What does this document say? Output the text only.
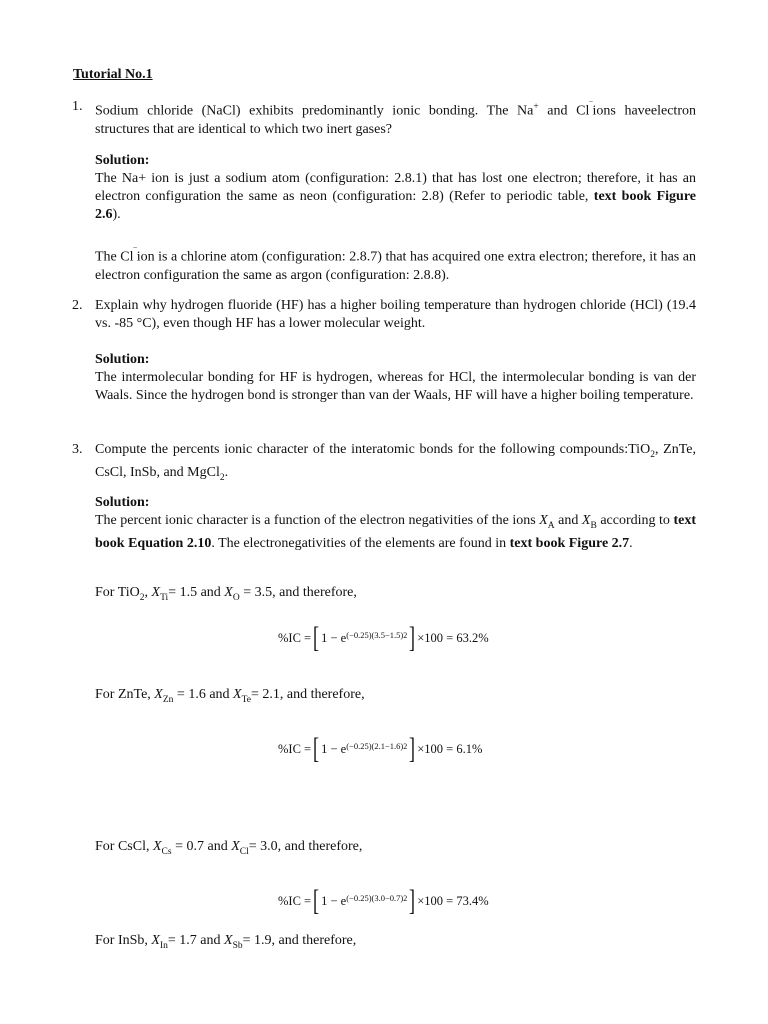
Tutorial No.1
1. Sodium chloride (NaCl) exhibits predominantly ionic bonding. The Na+ and Cl‾ions haveelectron structures that are identical to which two inert gases?
Solution:
The Na+ ion is just a sodium atom (configuration: 2.8.1) that has lost one electron; therefore, it has an electron configuration the same as neon (configuration: 2.8) (Refer to periodic table, text book Figure 2.6).
The Cl‾ion is a chlorine atom (configuration: 2.8.7) that has acquired one extra electron; therefore, it has an electron configuration the same as argon (configuration: 2.8.8).
2. Explain why hydrogen fluoride (HF) has a higher boiling temperature than hydrogen chloride (HCl) (19.4 vs. -85 °C), even though HF has a lower molecular weight.
Solution:
The intermolecular bonding for HF is hydrogen, whereas for HCl, the intermolecular bonding is van der Waals. Since the hydrogen bond is stronger than van der Waals, HF will have a higher boiling temperature.
3. Compute the percents ionic character of the interatomic bonds for the following compounds:TiO$_2$, ZnTe, CsCl, InSb, and MgCl$_2$.
Solution:
The percent ionic character is a function of the electron negativities of the ions $X_A$ and $X_B$ according to text book Equation 2.10. The electronegativities of the elements are found in text book Figure 2.7.
For TiO$_2$, $X_{Ti}= 1.5$ and $X_O = 3.5$, and therefore,
%IC = [ 1 − e $^{(-0.25)(3.5-1.5)2}$ ] ×100 = 63.2%
For ZnTe, $X_{Zn} = 1.6$ and $X_{Te}= 2.1$, and therefore,
%IC = [ 1 − e $^{(-0.25)(2.1-1.6)2}$ ] ×100 = 6.1%
For CsCl, $X_{Cs} = 0.7$ and $X_{Cl}= 3.0$, and therefore,
%IC = [ 1 − e $^{(-0.25)(3.0-0.7)2}$ ] ×100 = 73.4%
For InSb, $X_{In}= 1.7$ and $X_{Sb}= 1.9$, and therefore,
